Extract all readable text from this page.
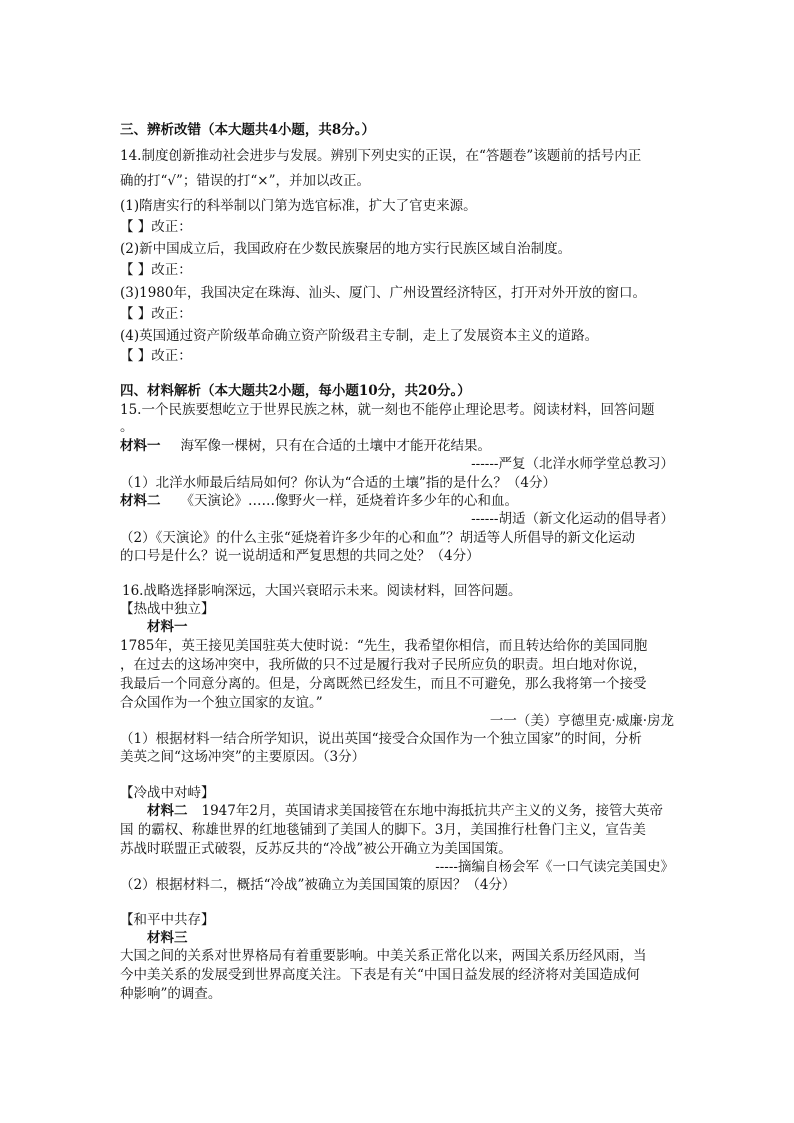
三、辨析改错（本大题共4小题，共8分。）
14.制度创新推动社会进步与发展。辨别下列史实的正误，在“答题卷”该题前的括号内正
确的打“√”；错误的打“×”，并加以改正。
(1)隋唐实行的科举制以门第为选官标准，扩大了官吏来源。
【 】改正：
(2)新中国成立后，我国政府在少数民族聚居的地方实行民族区域自治制度。
【 】改正：
(3)1980年，我国决定在珠海、汕头、厦门、广州设置经济特区，打开对外开放的窗口。
【 】改正：
(4)英国通过资产阶级革命确立资产阶级君主专制，走上了发展资本主义的道路。
【 】改正：
四、材料解析（本大题共2小题，每小题10分，共20分。）
15.一个民族要想屹立于世界民族之林，就一刻也不能停止理论思考。阅读材料，回答问题
。
材料一 海军像一棵树，只有在合适的土壤中才能开花结果。
------严复（北洋水师学堂总教习）
（1）北洋水师最后结局如何？你认为“合适的土壤”指的是什么？（4分）
材料二 《天演论》……像野火一样，延烧着许多少年的心和血。
------胡适（新文化运动的倡导者）
（2）《天演论》的什么主张“延烧着许多少年的心和血”？胡适等人所倡导的新文化运动
的口号是什么？说一说胡适和严复思想的共同之处？（4分）
16.战略选择影响深远，大国兴衰昭示未来。阅读材料，回答问题。
【热战中独立】
材料一
1785年，英王接见美国驻英大使时说：“先生，我希望你相信，而且转达给你的美国同胞
，在过去的这场冲突中，我所做的只不过是履行我对子民所应负的职责。坦白地对你说，
我最后一个同意分离的。但是，分离既然已经发生，而且不可避免，那么我将第一个接受
合众国作为一个独立国家的友谊。”
一一（美）亨德里克·威廉·房龙
（1）根据材料一结合所学知识，说出英国“接受合众国作为一个独立国家”的时间，分析
美英之间“这场冲突”的主要原因。（3分）
【冷战中对峙】
材料二 1947年2月，英国请求美国接管在东地中海抵抗共产主义的义务，接管大英帝
国 的霸权、称雄世界的红地毯铺到了美国人的脚下。3月，美国推行杜鲁门主义，宣告美
苏战时联盟正式破裂，反苏反共的“冷战”被公开确立为美国国策。
-----摘编自杨会军《一口气读完美国史》
（2）根据材料二，概括“冷战”被确立为美国国策的原因？（4分）
【和平中共存】
材料三
大国之间的关系对世界格局有着重要影响。中美关系正常化以来，两国关系历经风雨，当
今中美关系的发展受到世界高度关注。下表是有关“中国日益发展的经济将对美国造成何
种影响”的调查。
